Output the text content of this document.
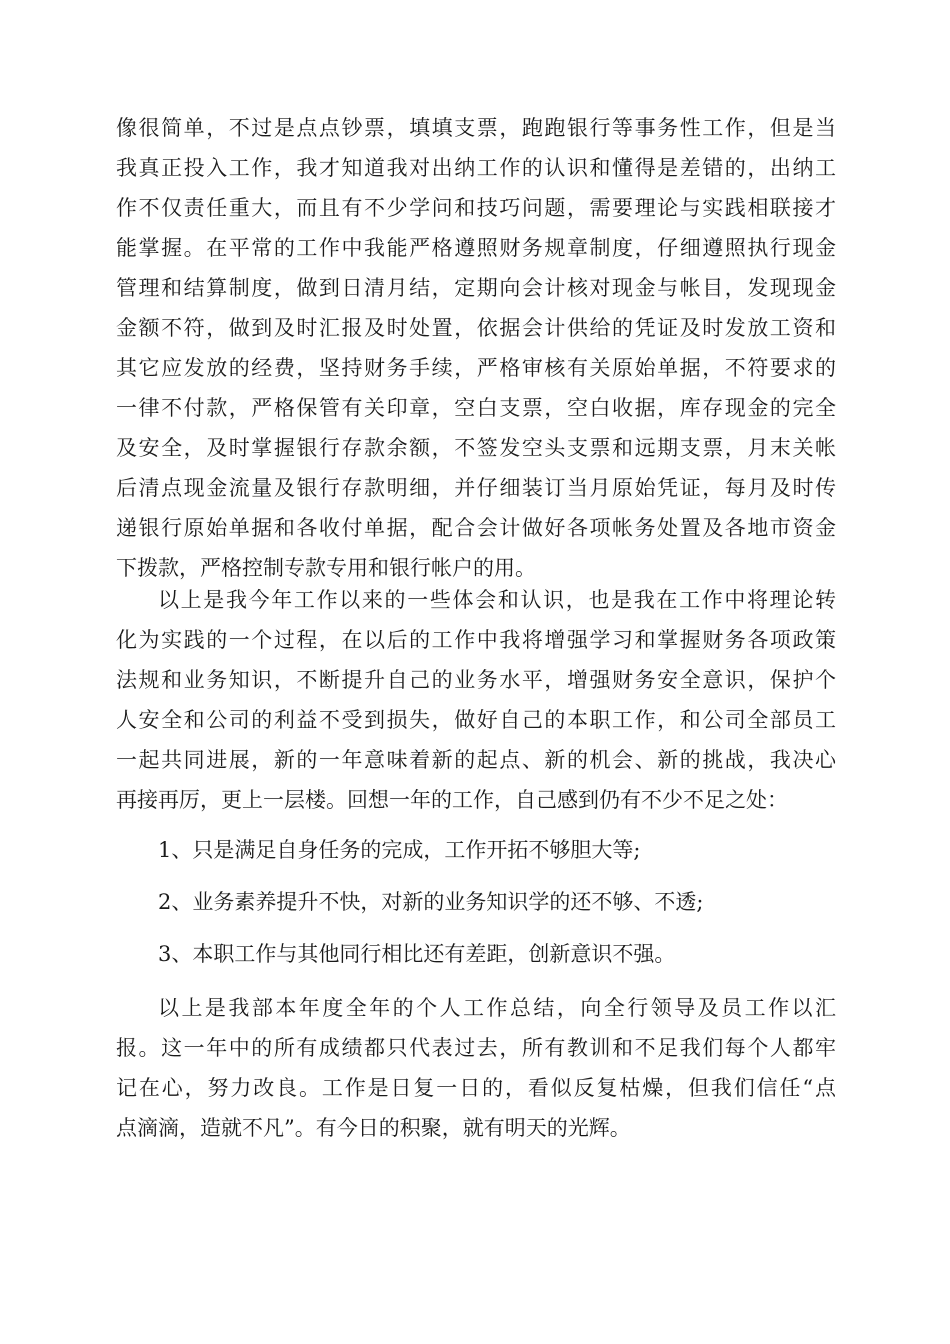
像很简单，不过是点点钞票，填填支票，跑跑银行等事务性工作，但是当
我真正投入工作，我才知道我对出纳工作的认识和懂得是差错的，出纳工
作不仅责任重大，而且有不少学问和技巧问题，需要理论与实践相联接才
能掌握。在平常的工作中我能严格遵照财务规章制度，仔细遵照执行现金
管理和结算制度，做到日清月结，定期向会计核对现金与帐目，发现现金
金额不符，做到及时汇报及时处置，依据会计供给的凭证及时发放工资和
其它应发放的经费，坚持财务手续，严格审核有关原始单据，不符要求的
一律不付款，严格保管有关印章，空白支票，空白收据，库存现金的完全
及安全，及时掌握银行存款余额，不签发空头支票和远期支票，月末关帐
后清点现金流量及银行存款明细，并仔细装订当月原始凭证，每月及时传
递银行原始单据和各收付单据，配合会计做好各项帐务处置及各地市资金
下拨款，严格控制专款专用和银行帐户的用。
以上是我今年工作以来的一些体会和认识，也是我在工作中将理论转
化为实践的一个过程，在以后的工作中我将增强学习和掌握财务各项政策
法规和业务知识，不断提升自己的业务水平，增强财务安全意识，保护个
人安全和公司的利益不受到损失，做好自己的本职工作，和公司全部员工
一起共同进展，新的一年意味着新的起点、新的机会、新的挑战，我决心
再接再厉，更上一层楼。回想一年的工作，自己感到仍有不少不足之处：
1、只是满足自身任务的完成，工作开拓不够胆大等;
2、业务素养提升不快，对新的业务知识学的还不够、不透;
3、本职工作与其他同行相比还有差距，创新意识不强。
以上是我部本年度全年的个人工作总结，向全行领导及员工作以汇
报。这一年中的所有成绩都只代表过去，所有教训和不足我们每个人都牢
记在心，努力改良。工作是日复一日的，看似反复枯燥，但我们信任“点
点滴滴，造就不凡”。有今日的积聚，就有明天的光辉。
